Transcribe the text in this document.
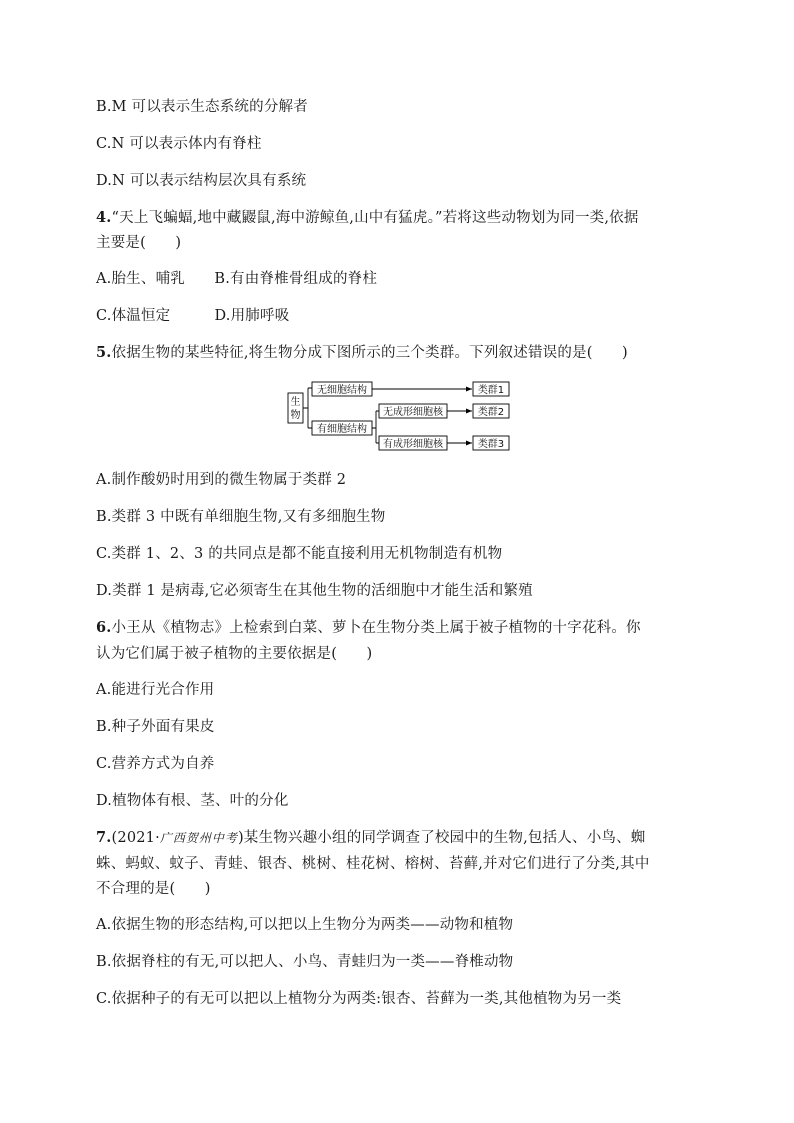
B.M 可以表示生态系统的分解者
C.N 可以表示体内有脊柱
D.N 可以表示结构层次具有系统
4.“天上飞蝙蝠,地中藏鼹鼠,海中游鲸鱼,山中有猛虎。”若将这些动物划为同一类,依据
主要是(　　)
A.胎生、哺乳　　B.有由脊椎骨组成的脊柱
C.体温恒定　　　D.用肺呼吸
5.依据生物的某些特征,将生物分成下图所示的三个类群。下列叙述错误的是(　　)
生
物
无细胞结构
有细胞结构
无成形细胞核
有成形细胞核
类群1
类群2
类群3
A.制作酸奶时用到的微生物属于类群 2
B.类群 3 中既有单细胞生物,又有多细胞生物
C.类群 1、2、3 的共同点是都不能直接利用无机物制造有机物
D.类群 1 是病毒,它必须寄生在其他生物的活细胞中才能生活和繁殖
6.小王从《植物志》上检索到白菜、萝卜在生物分类上属于被子植物的十字花科。你
认为它们属于被子植物的主要依据是(　　)
A.能进行光合作用
B.种子外面有果皮
C.营养方式为自养
D.植物体有根、茎、叶的分化
7.(2021·广西贺州中考)某生物兴趣小组的同学调查了校园中的生物,包括人、小鸟、蜘
蛛、蚂蚁、蚊子、青蛙、银杏、桃树、桂花树、榕树、苔藓,并对它们进行了分类,其中
不合理的是(　　)
A.依据生物的形态结构,可以把以上生物分为两类——动物和植物
B.依据脊柱的有无,可以把人、小鸟、青蛙归为一类——脊椎动物
C.依据种子的有无可以把以上植物分为两类:银杏、苔藓为一类,其他植物为另一类
